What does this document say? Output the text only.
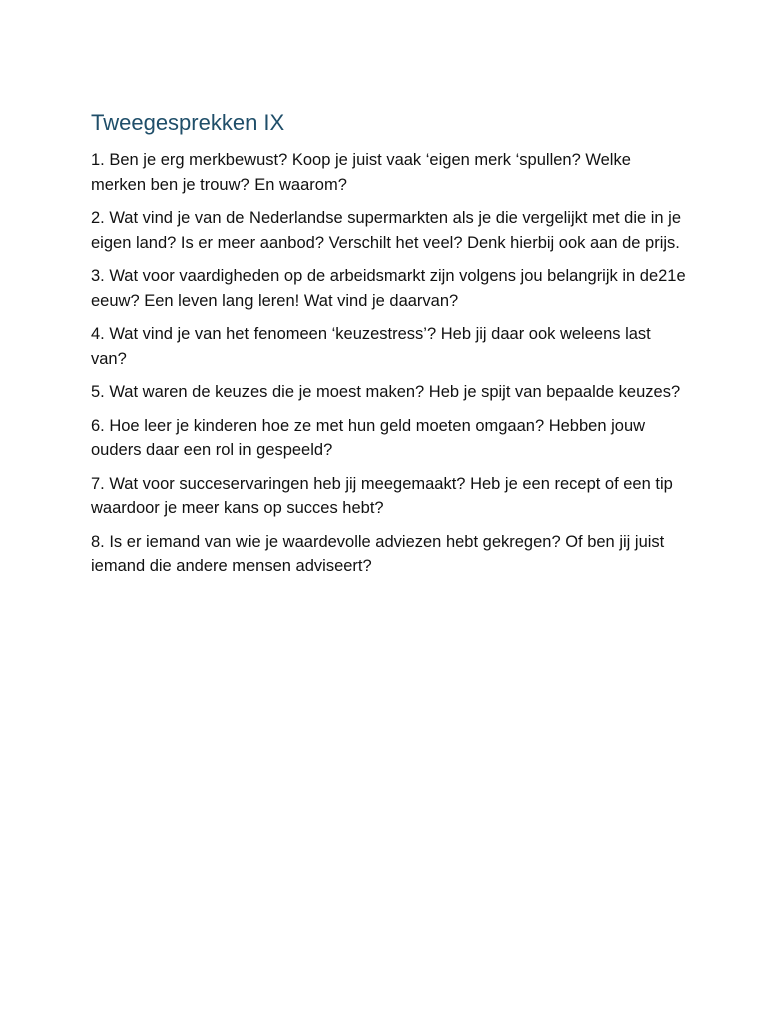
Tweegesprekken IX

1. Ben je erg merkbewust? Koop je juist vaak ‘eigen merk ‘spullen? Welke merken ben je trouw? En waarom?

2. Wat vind je van de Nederlandse supermarkten als je die vergelijkt met die in je eigen land? Is er meer aanbod? Verschilt het veel? Denk hierbij ook aan de prijs.

3. Wat voor vaardigheden op de arbeidsmarkt zijn volgens jou belangrijk in de21e eeuw? Een leven lang leren! Wat vind je daarvan?

4. Wat vind je van het fenomeen ‘keuzestress’? Heb jij daar ook weleens last van?

5. Wat waren de keuzes die je moest maken? Heb je spijt van bepaalde keuzes?

6. Hoe leer je kinderen hoe ze met hun geld moeten omgaan? Hebben jouw ouders daar een rol in gespeeld?

7. Wat voor succeservaringen heb jij meegemaakt? Heb je een recept of een tip waardoor je meer kans op succes hebt?

8. Is er iemand van wie je waardevolle adviezen hebt gekregen? Of ben jij juist iemand die andere mensen adviseert?
